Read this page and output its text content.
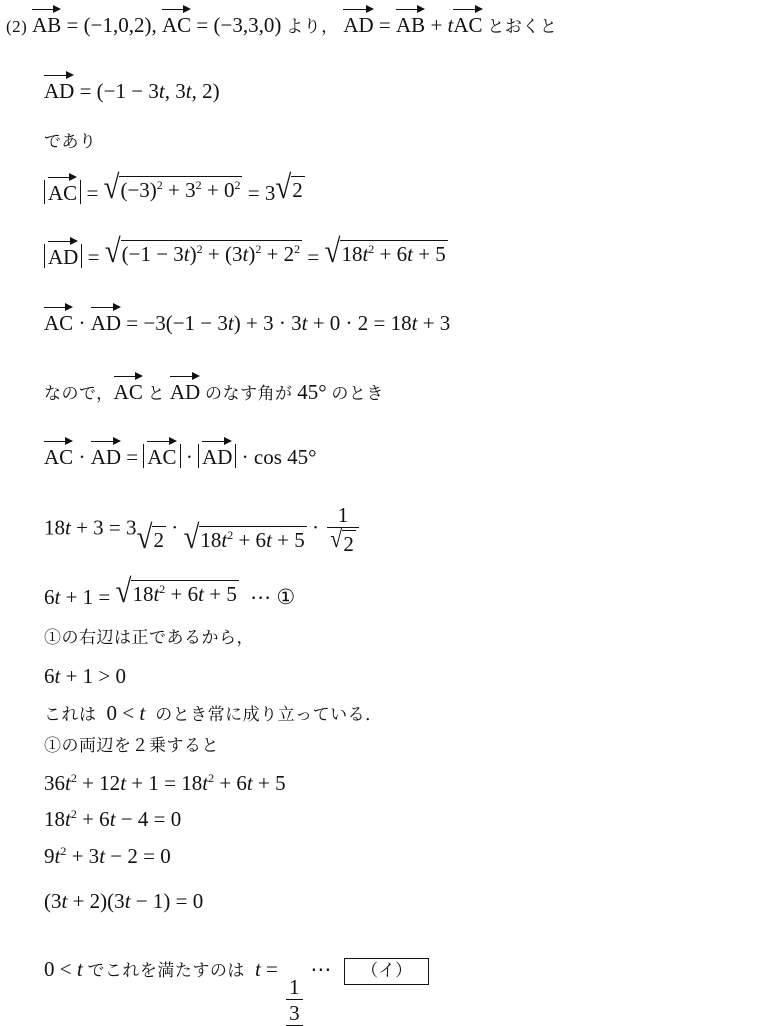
(2) AB = (−1,0,2), AC = (−3,3,0) より， AD = AB + tAC とおくと
AD = (−1 − 3t, 3t, 2)
であり
AC = √ $(-3)^2 + 3^2 + 0^2 = 3$ √ 2
AD = √ $(-1 - 3t)^2 + (3t)^2 + 2^2$ = √ $18t^2 + 6t + 5$
AC · AD = −3(−1 − 3t) + 3 · 3t + 0 · 2 = 18t + 3
なので，AC と AD のなす角が 45° のとき
AC · AD = AC · AD · cos 45°
18t + 3 = 3 √ 2
· √ $18t^2 + 6t + 5$
· $\frac{1}{√ 2}$
6t + 1 = √ $18t^2 + 6t + 5$ ⋯ ①
①の右辺は正であるから，
6t + 1 > 0
これは  0 < t のとき常に成り立っている．
①の両辺を２乗すると
$36t^2 + 12t + 1 = 18t^2 + 6t + 5$
$18t^2 + 6t - 4 = 0$
$9t^2 + 3t - 2 = 0$
(3t + 2)(3t − 1) = 0
0 < t でこれを満たすのは t =
$\frac{1}{3}$
⋯ （イ）
